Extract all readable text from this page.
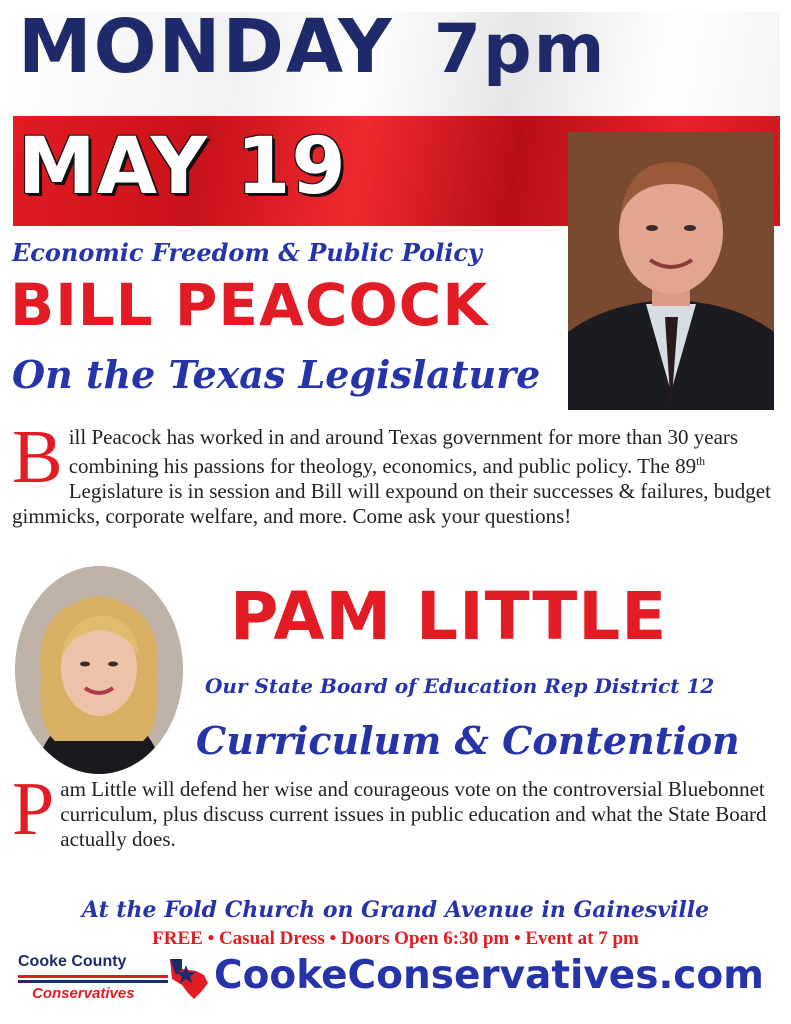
MONDAY 7pm
MAY 19
Economic Freedom & Public Policy
BILL PEACOCK
On the Texas Legislature
Bill Peacock has worked in and around Texas government for more than 30 years combining his passions for theology, economics, and public policy. The 89th Legislature is in session and Bill will expound on their successes & failures, budget gimmicks, corporate welfare, and more. Come ask your questions!
PAM LITTLE
Our State Board of Education Rep District 12
Curriculum & Contention
Pam Little will defend her wise and courageous vote on the controversial Bluebonnet curriculum, plus discuss current issues in public education and what the State Board actually does.
At the Fold Church on Grand Avenue in Gainesville
FREE • Casual Dress • Doors Open 6:30 pm • Event at 7 pm
Cooke County
Conservatives CookeConservatives.com
